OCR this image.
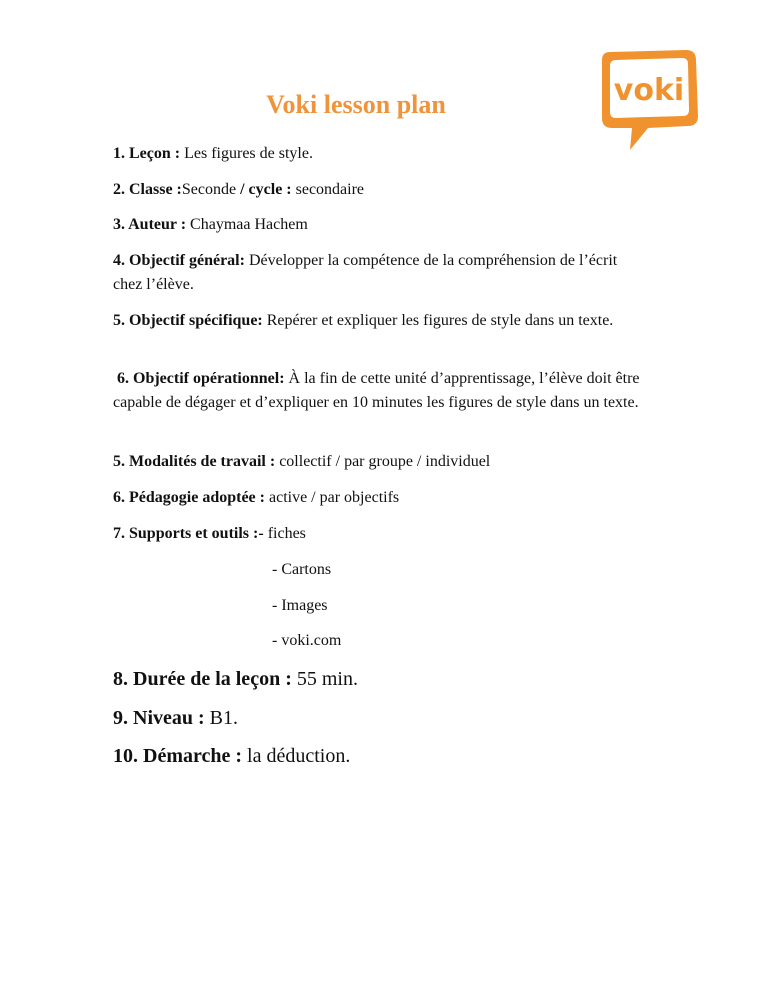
voki
Voki lesson plan
1. Leçon : Les figures de style.
2. Classe :Seconde / cycle : secondaire
3. Auteur : Chaymaa Hachem
4. Objectif général: Développer la compétence de la compréhension de l’écrit chez l’élève.
5. Objectif spécifique: Repérer et expliquer les figures de style dans un texte.
6. Objectif opérationnel: À la fin de cette unité d’apprentissage, l’élève doit être capable de dégager et d’expliquer en 10 minutes les figures de style dans un texte.
5. Modalités de travail : collectif / par groupe / individuel
6. Pédagogie adoptée : active / par objectifs
7. Supports et outils :- fiches
- Cartons
- Images
- voki.com
8. Durée de la leçon : 55 min.
9. Niveau : B1.
10. Démarche : la déduction.
